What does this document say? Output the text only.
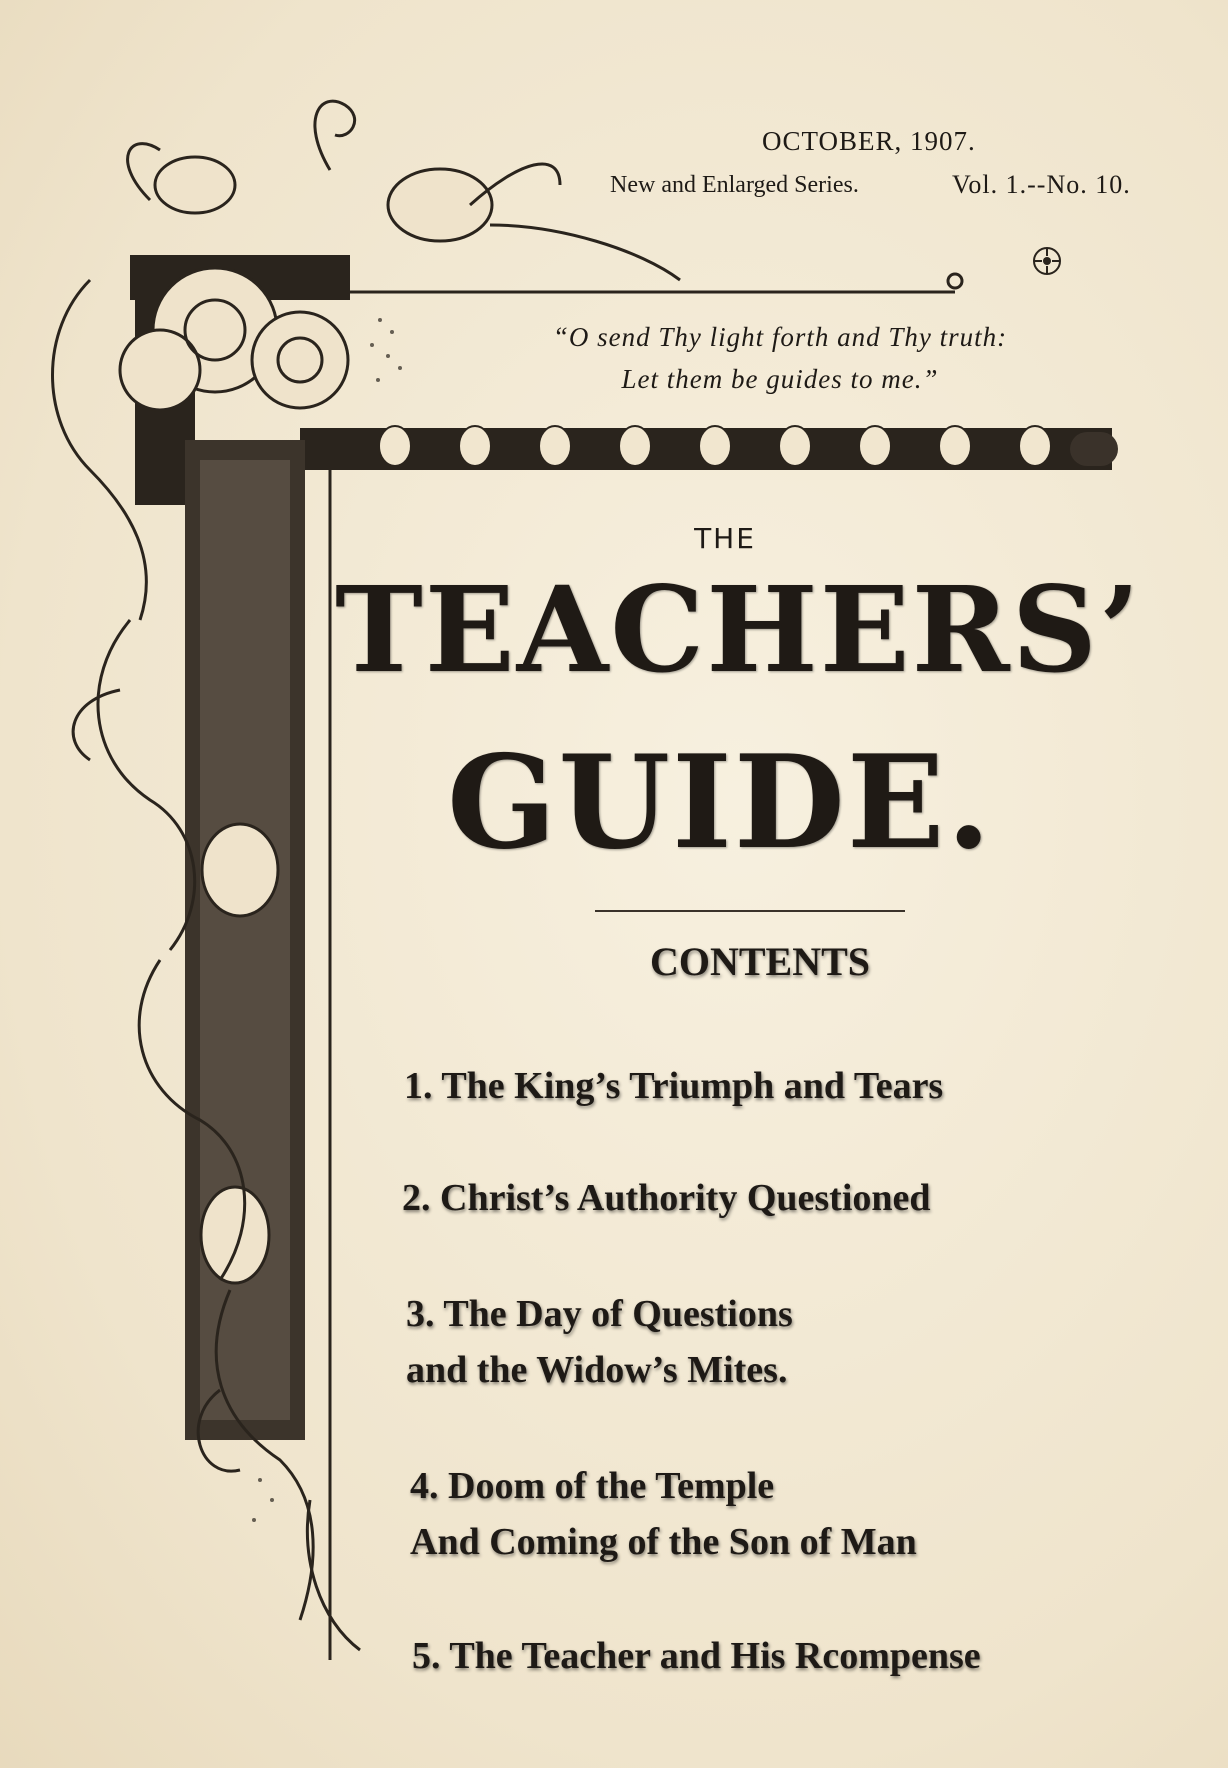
OCTOBER, 1907.
New and Enlarged Series.	Vol. 1.--No. 10.
“O send Thy light forth and Thy truth:
Let them be guides to me.”
THE
TEACHERS’
GUIDE.
CONTENTS
1. The King’s Triumph and Tears
2. Christ’s Authority Questioned
3. The Day of Questions
and the Widow’s Mites.
4. Doom of the Temple
And Coming of the Son of Man
5. The Teacher and His Rcompense
